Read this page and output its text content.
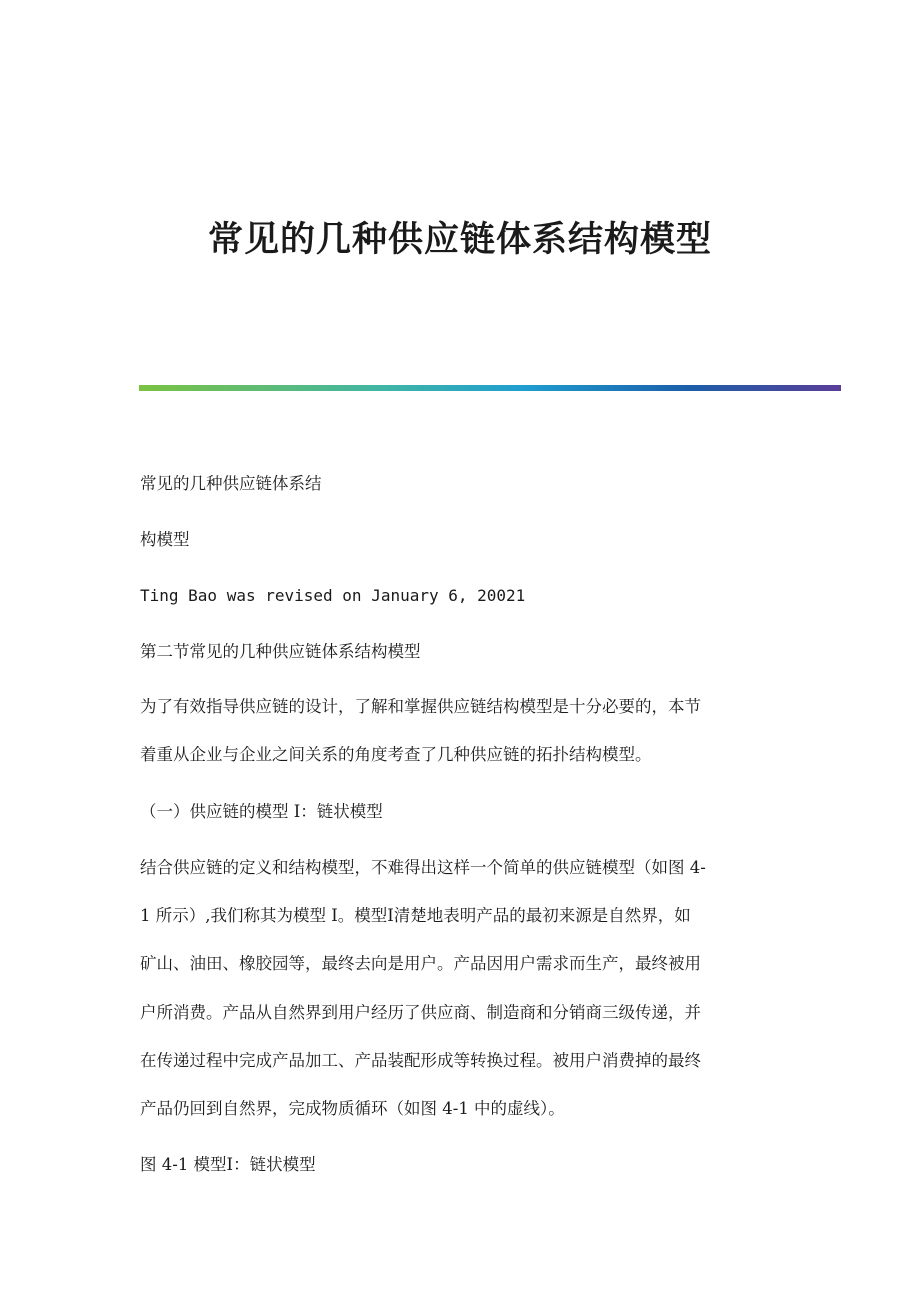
常见的几种供应链体系结构模型

常见的几种供应链体系结

构模型

Ting Bao was revised on January 6, 20021

第二节常见的几种供应链体系结构模型

为了有效指导供应链的设计，了解和掌握供应链结构模型是十分必要的，本节

着重从企业与企业之间关系的角度考查了几种供应链的拓扑结构模型。

（一）供应链的模型 I：链状模型

结合供应链的定义和结构模型，不难得出这样一个简单的供应链模型（如图 4-

1 所示）,我们称其为模型 I。模型Ⅰ清楚地表明产品的最初来源是自然界，如

矿山、油田、橡胶园等，最终去向是用户。产品因用户需求而生产，最终被用

户所消费。产品从自然界到用户经历了供应商、制造商和分销商三级传递，并

在传递过程中完成产品加工、产品装配形成等转换过程。被用户消费掉的最终

产品仍回到自然界，完成物质循环（如图 4-1 中的虚线）。

图 4-1 模型Ⅰ：链状模型
